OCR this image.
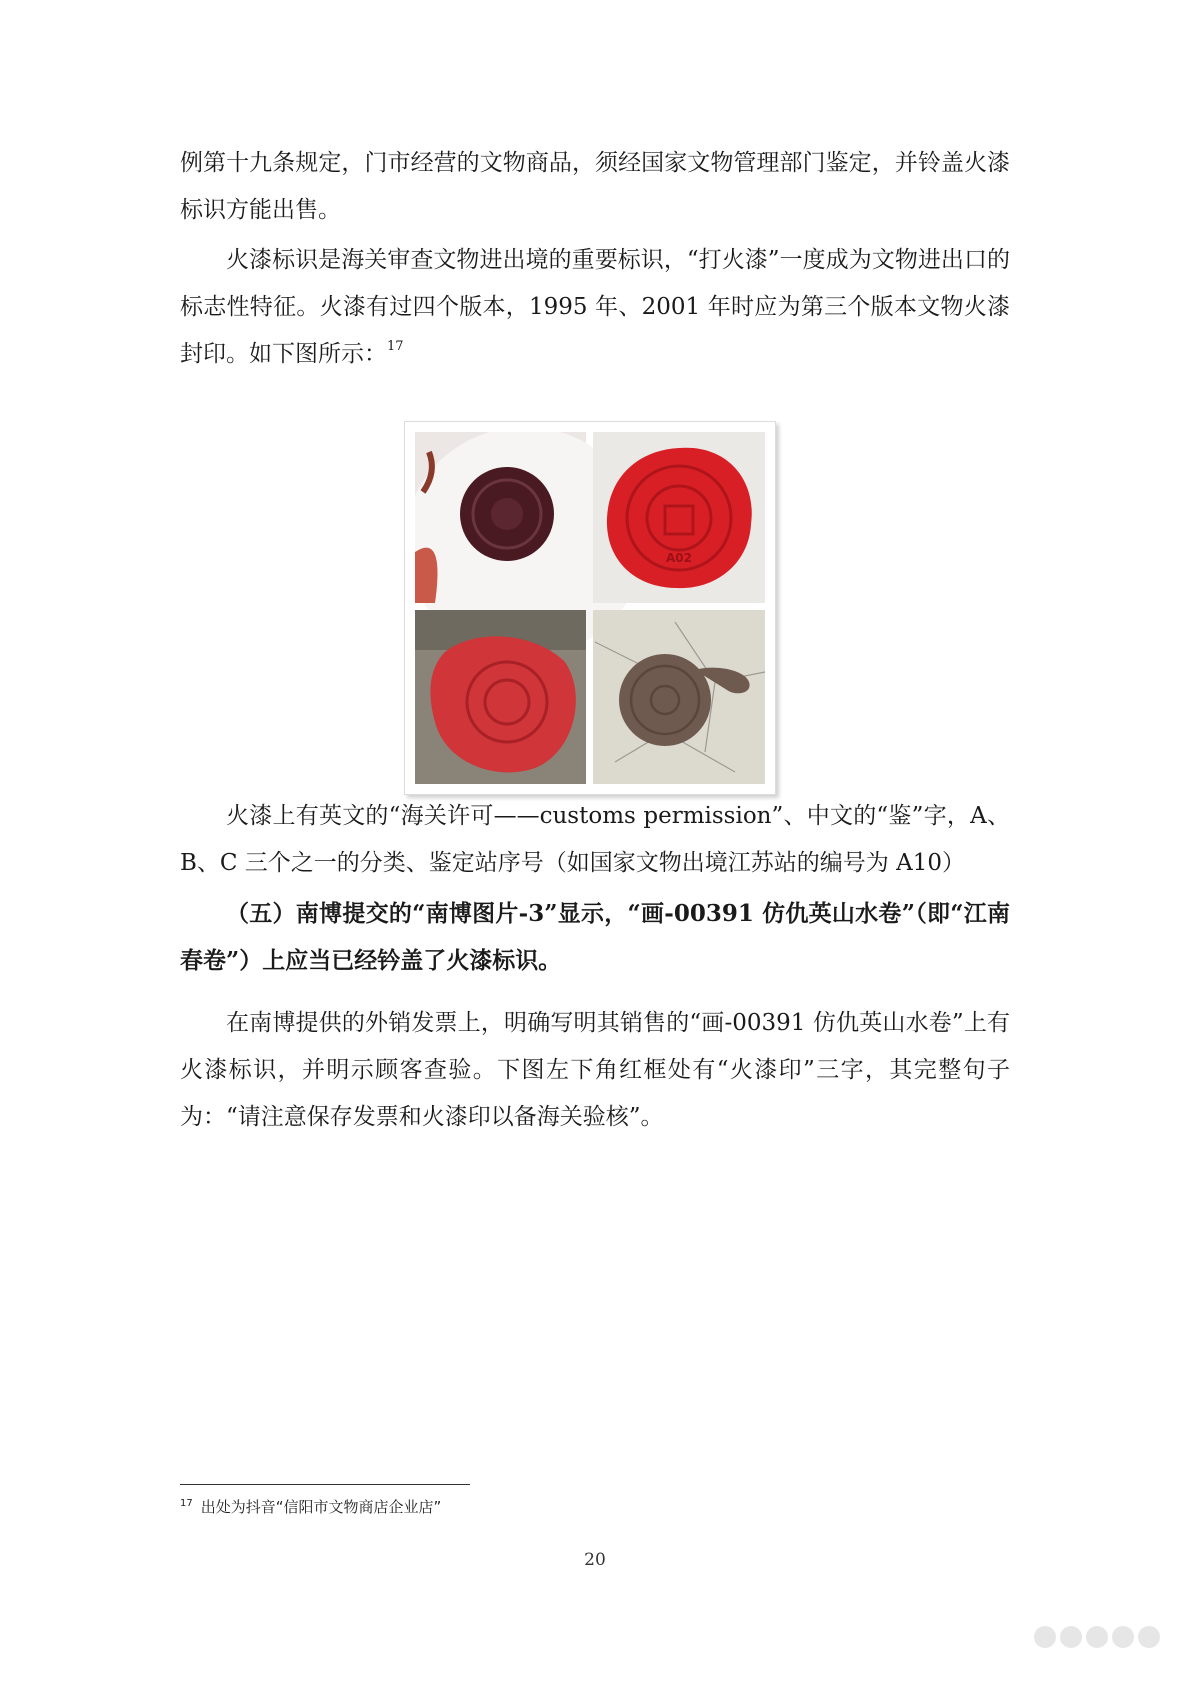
例第十九条规定，门市经营的文物商品，须经国家文物管理部门鉴定，并铃盖火漆标识方能出售。

火漆标识是海关审查文物进出境的重要标识，“打火漆”一度成为文物进出口的标志性特征。火漆有过四个版本，1995 年、2001 年时应为第三个版本文物火漆封印。如下图所示：$^{17}$

A02

火漆上有英文的“海关许可——customs permission”、中文的“鉴”字，A、B、C 三个之一的分类、鉴定站序号（如国家文物出境江苏站的编号为 A10）

（五）南博提交的“南博图片-3”显示，“画-00391 仿仇英山水卷”（即“江南春卷”）上应当已经钤盖了火漆标识。

在南博提供的外销发票上，明确写明其销售的“画-00391 仿仇英山水卷”上有火漆标识，并明示顾客查验。下图左下角红框处有“火漆印”三字，其完整句子为：“请注意保存发票和火漆印以备海关验核”。

$^{17}$ 出处为抖音“信阳市文物商店企业店”
20
